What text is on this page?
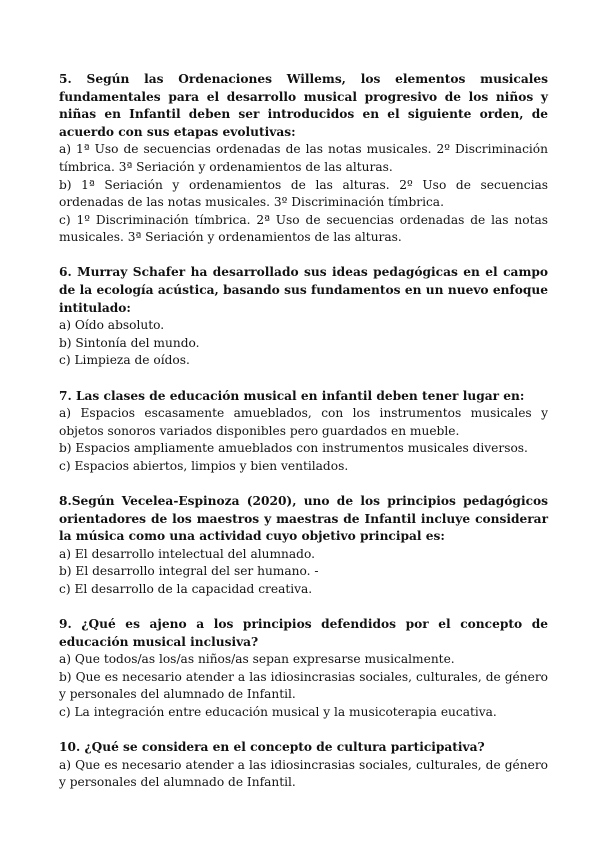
5. Según las Ordenaciones Willems, los elementos musicales fundamentales para el desarrollo musical progresivo de los niños y niñas en Infantil deben ser introducidos en el siguiente orden, de acuerdo con sus etapas evolutivas:
a) 1ª Uso de secuencias ordenadas de las notas musicales. 2º Discriminación tímbrica. 3ª Seriación y ordenamientos de las alturas.
b) 1ª Seriación y ordenamientos de las alturas. 2º Uso de secuencias ordenadas de las notas musicales. 3º Discriminación tímbrica.
c) 1º Discriminación tímbrica. 2ª Uso de secuencias ordenadas de las notas musicales. 3ª Seriación y ordenamientos de las alturas.
6. Murray Schafer ha desarrollado sus ideas pedagógicas en el campo de la ecología acústica, basando sus fundamentos en un nuevo enfoque intitulado:
a) Oído absoluto.
b) Sintonía del mundo.
c) Limpieza de oídos.
7. Las clases de educación musical en infantil deben tener lugar en:
a) Espacios escasamente amueblados, con los instrumentos musicales y objetos sonoros variados disponibles pero guardados en mueble.
b) Espacios ampliamente amueblados con instrumentos musicales diversos.
c) Espacios abiertos, limpios y bien ventilados.
8.Según Vecelea-Espinoza (2020), uno de los principios pedagógicos orientadores de los maestros y maestras de Infantil incluye considerar la música como una actividad cuyo objetivo principal es:
a) El desarrollo intelectual del alumnado.
b) El desarrollo integral del ser humano. -
c) El desarrollo de la capacidad creativa.
9. ¿Qué es ajeno a los principios defendidos por el concepto de educación musical inclusiva?
a) Que todos/as los/as niños/as sepan expresarse musicalmente.
b) Que es necesario atender a las idiosincrasias sociales, culturales, de género y personales del alumnado de Infantil.
c) La integración entre educación musical y la musicoterapia eucativa.
10. ¿Qué se considera en el concepto de cultura participativa?
a) Que es necesario atender a las idiosincrasias sociales, culturales, de género y personales del alumnado de Infantil.
